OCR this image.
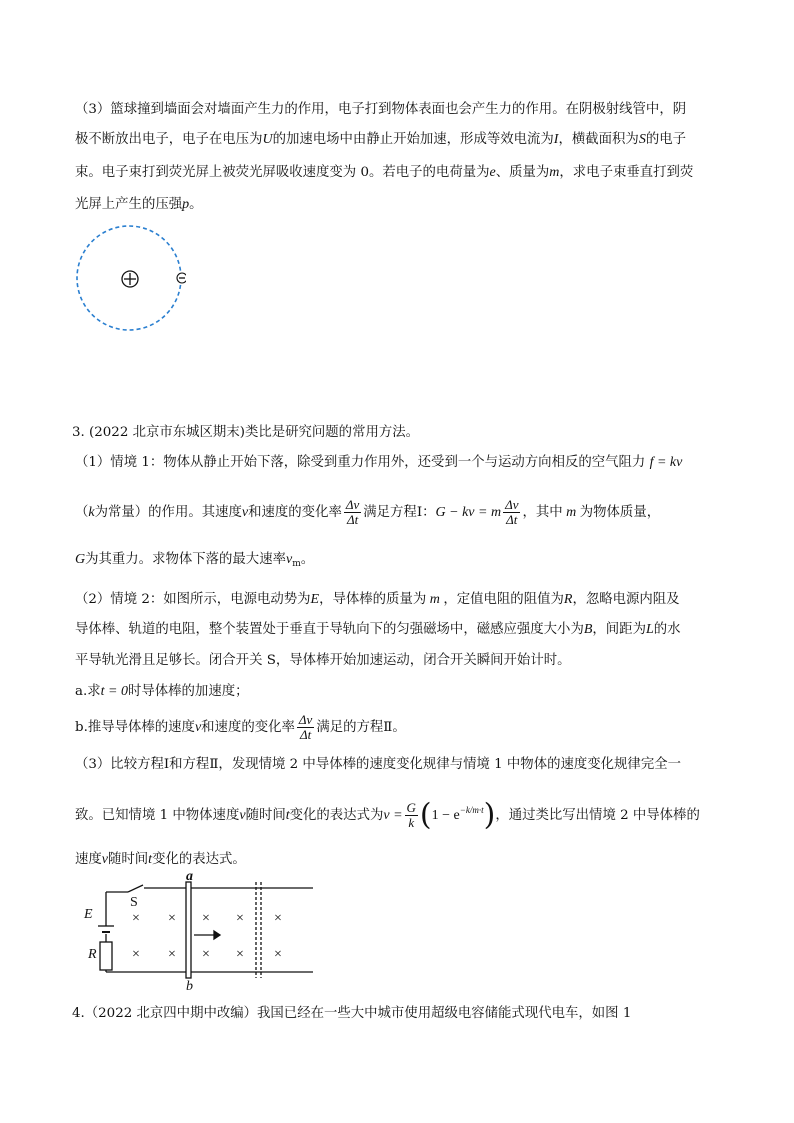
（3）篮球撞到墙面会对墙面产生力的作用，电子打到物体表面也会产生力的作用。在阴极射线管中，阴
极不断放出电子，电子在电压为U的加速电场中由静止开始加速，形成等效电流为I，横截面积为S的电子
束。电子束打到荧光屏上被荧光屏吸收速度变为 0。若电子的电荷量为e、质量为m，求电子束垂直打到荧
光屏上产生的压强p。
3. (2022 北京市东城区期末)类比是研究问题的常用方法。
（1）情境 1：物体从静止开始下落，除受到重力作用外，还受到一个与运动方向相反的空气阻力 f = kv
（k为常量）的作用。其速度v和速度的变化率 $\frac{\Delta v}{\Delta t}$ 满足方程Ⅰ：G − kv = m $\frac{\Delta v}{\Delta t}$ ，其中 m 为物体质量，
G为其重力。求物体下落的最大速率$v_m$。
（2）情境 2：如图所示，电源电动势为E，导体棒的质量为 m ，定值电阻的阻值为R，忽略电源内阻及
导体棒、轨道的电阻，整个装置处于垂直于导轨向下的匀强磁场中，磁感应强度大小为B，间距为L的水
平导轨光滑且足够长。闭合开关 S，导体棒开始加速运动，闭合开关瞬间开始计时。
a.求t = 0时导体棒的加速度；
b.推导导体棒的速度v和速度的变化率 $\frac{\Delta v}{\Delta t}$ 满足的方程Ⅱ。
（3）比较方程Ⅰ和方程Ⅱ，发现情境 2 中导体棒的速度变化规律与情境 1 中物体的速度变化规律完全一
致。已知情境 1 中物体速度v随时间t变化的表达式为$v = \frac{G}{k} (1 - e^{-k/m\cdot t})$，通过类比写出情境 2 中导体棒的
速度v随时间t变化的表达式。
a
b
E
S
R
× × × × ×
× × × × ×
4.（2022 北京四中期中改编）我国已经在一些大中城市使用超级电容储能式现代电车，如图 1
